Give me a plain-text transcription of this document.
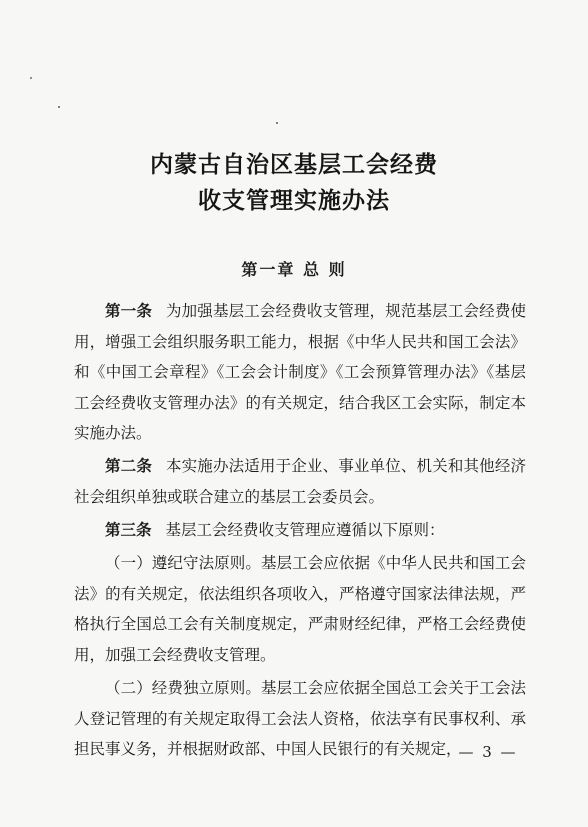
内蒙古自治区基层工会经费
收支管理实施办法
第一章 总 则

第一条 为加强基层工会经费收支管理，规范基层工会经费使用，增强工会组织服务职工能力，根据《中华人民共和国工会法》和《中国工会章程》《工会会计制度》《工会预算管理办法》《基层工会经费收支管理办法》的有关规定，结合我区工会实际，制定本实施办法。

第二条 本实施办法适用于企业、事业单位、机关和其他经济社会组织单独或联合建立的基层工会委员会。

第三条 基层工会经费收支管理应遵循以下原则：

（一）遵纪守法原则。基层工会应依据《中华人民共和国工会法》的有关规定，依法组织各项收入，严格遵守国家法律法规，严格执行全国总工会有关制度规定，严肃财经纪律，严格工会经费使用，加强工会经费收支管理。

（二）经费独立原则。基层工会应依据全国总工会关于工会法人登记管理的有关规定取得工会法人资格，依法享有民事权利、承担民事义务，并根据财政部、中国人民银行的有关规定，

— 3 —
